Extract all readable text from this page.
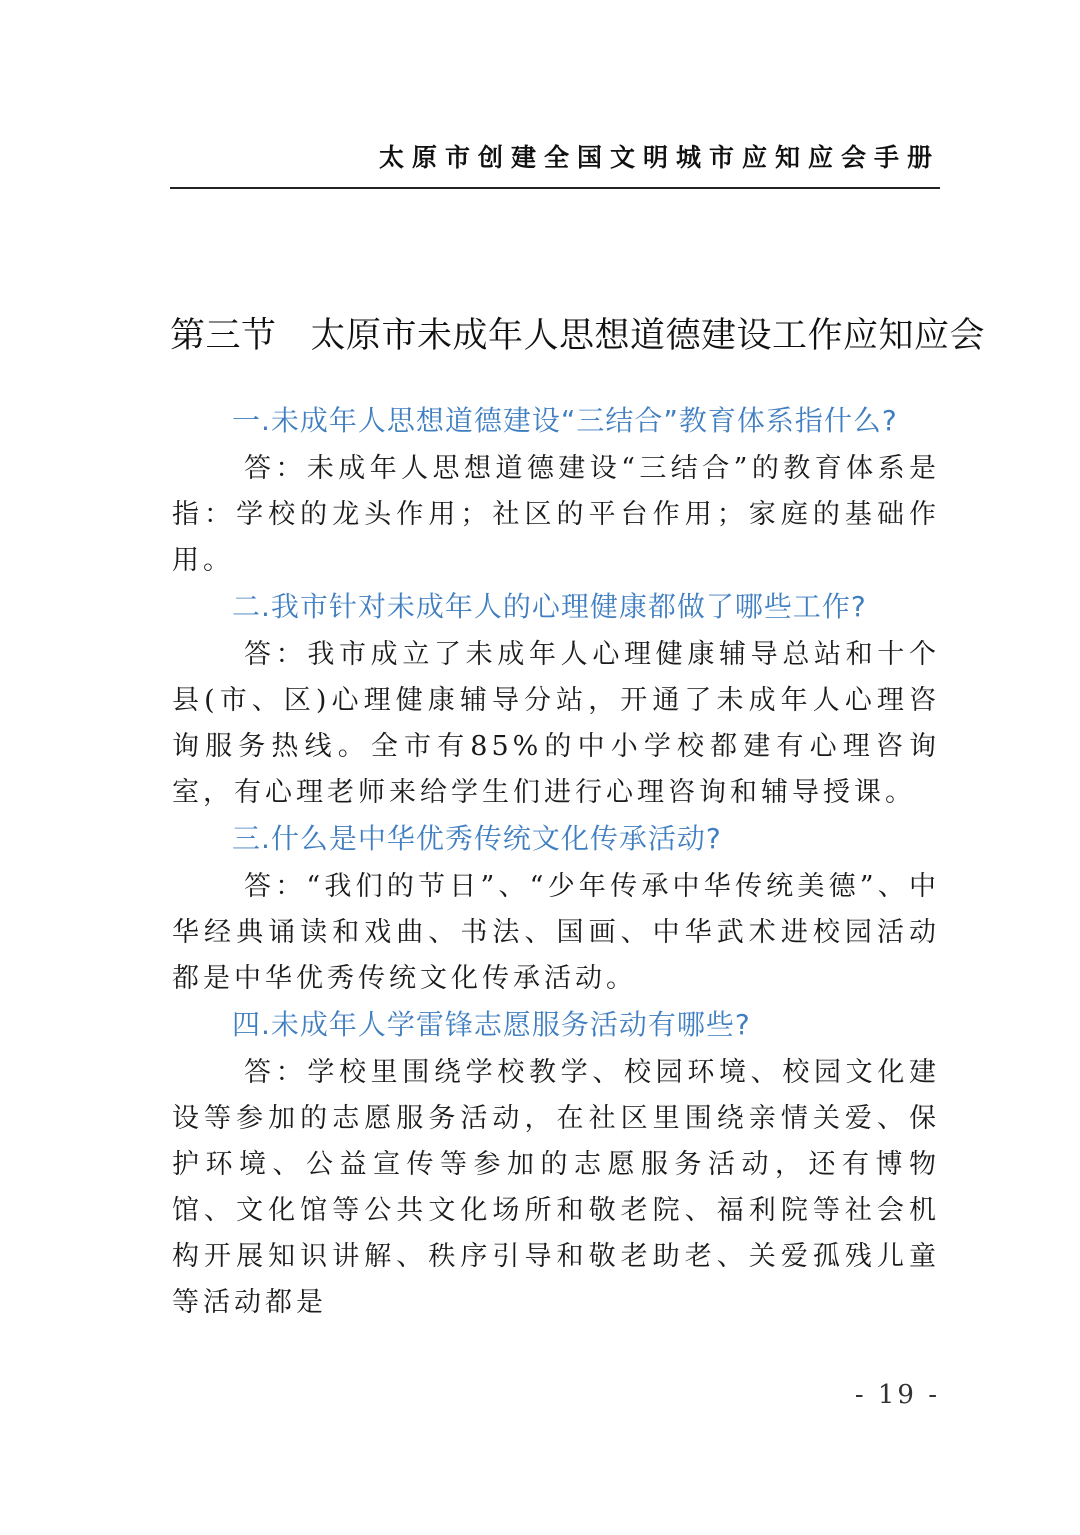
太原市创建全国文明城市应知应会手册
第三节 太原市未成年人思想道德建设工作应知应会

一.未成年人思想道德建设“三结合”教育体系指什么?

答：未成年人思想道德建设“三结合”的教育体系是指：学校的龙头作用；社区的平台作用；家庭的基础作用。

二.我市针对未成年人的心理健康都做了哪些工作?

答：我市成立了未成年人心理健康辅导总站和十个县(市、区)心理健康辅导分站，开通了未成年人心理咨询服务热线。全市有85%的中小学校都建有心理咨询室，有心理老师来给学生们进行心理咨询和辅导授课。

三.什么是中华优秀传统文化传承活动?

答：“我们的节日”、“少年传承中华传统美德”、中华经典诵读和戏曲、书法、国画、中华武术进校园活动都是中华优秀传统文化传承活动。

四.未成年人学雷锋志愿服务活动有哪些?

答：学校里围绕学校教学、校园环境、校园文化建设等参加的志愿服务活动，在社区里围绕亲情关爱、保护环境、公益宣传等参加的志愿服务活动，还有博物馆、文化馆等公共文化场所和敬老院、福利院等社会机构开展知识讲解、秩序引导和敬老助老、关爱孤残儿童等活动都是

- 19 -
